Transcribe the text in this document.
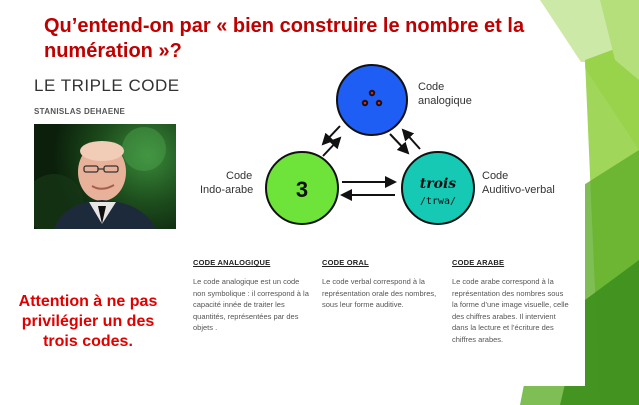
Qu’entend-on par « bien construire le nombre et la numération »?
LE TRIPLE CODE
STANISLAS DEHAENE
3	trois
/trwa/
Code
analogique
Code
Indo-arabe
Code
Auditivo-verbal
CODE ANALOGIQUE
Le code analogique est un code non symbolique : il correspond à la capacité innée de traiter les quantités, représentées par des objets .
CODE ORAL
Le code verbal correspond à la représentation orale des nombres, sous leur forme auditive.
CODE ARABE
Le code arabe correspond à la représentation des nombres sous la forme d’une image visuelle, celle des chiffres arabes. Il intervient dans la lecture et l’écriture des chiffres arabes.
Attention à ne pas privilégier un des trois codes.
